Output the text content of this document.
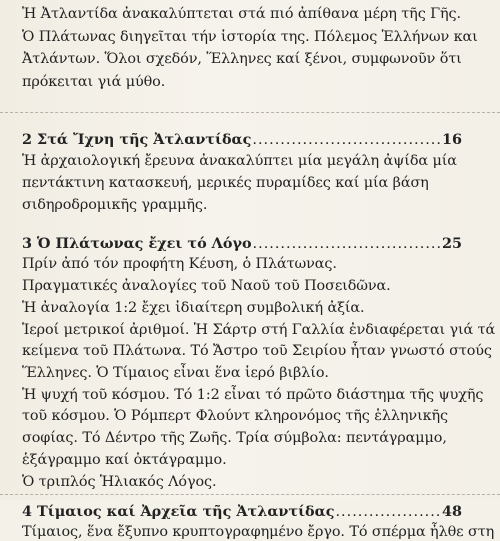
Ἡ Ἀτλαντίδα ἀνακαλύπτεται στά πιό ἀπίθανα μέρη τῆς Γῆς.
Ὁ Πλάτωνας διηγεῖται τήν ἱστορία της. Πόλεμος Ἑλλήνων και
Ἀτλάντων. Ὅλοι σχεδόν, Ἕλληνες καί ξένοι, συμφωνοῦν ὅτι
πρόκειται γιά μύθο.
2 Στά Ἴχνη τῆς Ἀτλαντίδας .....	16
Ἡ ἀρχαιολογική ἔρευνα ἀνακαλύπτει μία μεγάλη ἀψίδα μία
πεντάκτινη κατασκευή, μερικές πυραμίδες καί μία βάση
σιδηροδρομικῆς γραμμῆς.
3 Ὁ Πλάτωνας ἔχει τό Λόγο .....	25
Πρίν ἀπό τόν προφήτη Κέυση, ὁ Πλάτωνας.
Πραγματικές ἀναλογίες τοῦ Ναοῦ τοῦ Ποσειδῶνα.
Ἡ ἀναλογία 1:2 ἔχει ἰδιαίτερη συμβολική ἀξία.
Ἱεροί μετρικοί ἀριθμοί. Ἡ Σάρτρ στή Γαλλία ἐνδιαφέρεται γιά τά
κείμενα τοῦ Πλάτωνα. Τό Ἄστρο τοῦ Σειρίου ἦταν γνωστό στούς
Ἕλληνες. Ὁ Τίμαιος εἶναι ἕνα ἱερό βιβλίο.
Ἡ ψυχή τοῦ κόσμου. Τό 1:2 εἶναι τό πρῶτο διάστημα τῆς ψυχῆς
τοῦ κόσμου. Ὁ Ρόμπερτ Φλούντ κληρονόμος τῆς ἑλληνικῆς
σοφίας. Τό Δέντρο τῆς Ζωῆς. Τρία σύμβολα: πεντάγραμμο,
ἑξάγραμμο καί ὀκτάγραμμο.
Ὁ τριπλός Ἡλιακός Λόγος.
4 Τίμαιος καί Ἀρχεῖα τῆς Ἀτλαντίδας .....	48
Τίμαιος, ἕνα ἔξυπνο κρυπτογραφημένο ἔργο. Τό σπέρμα ἦλθε στη
